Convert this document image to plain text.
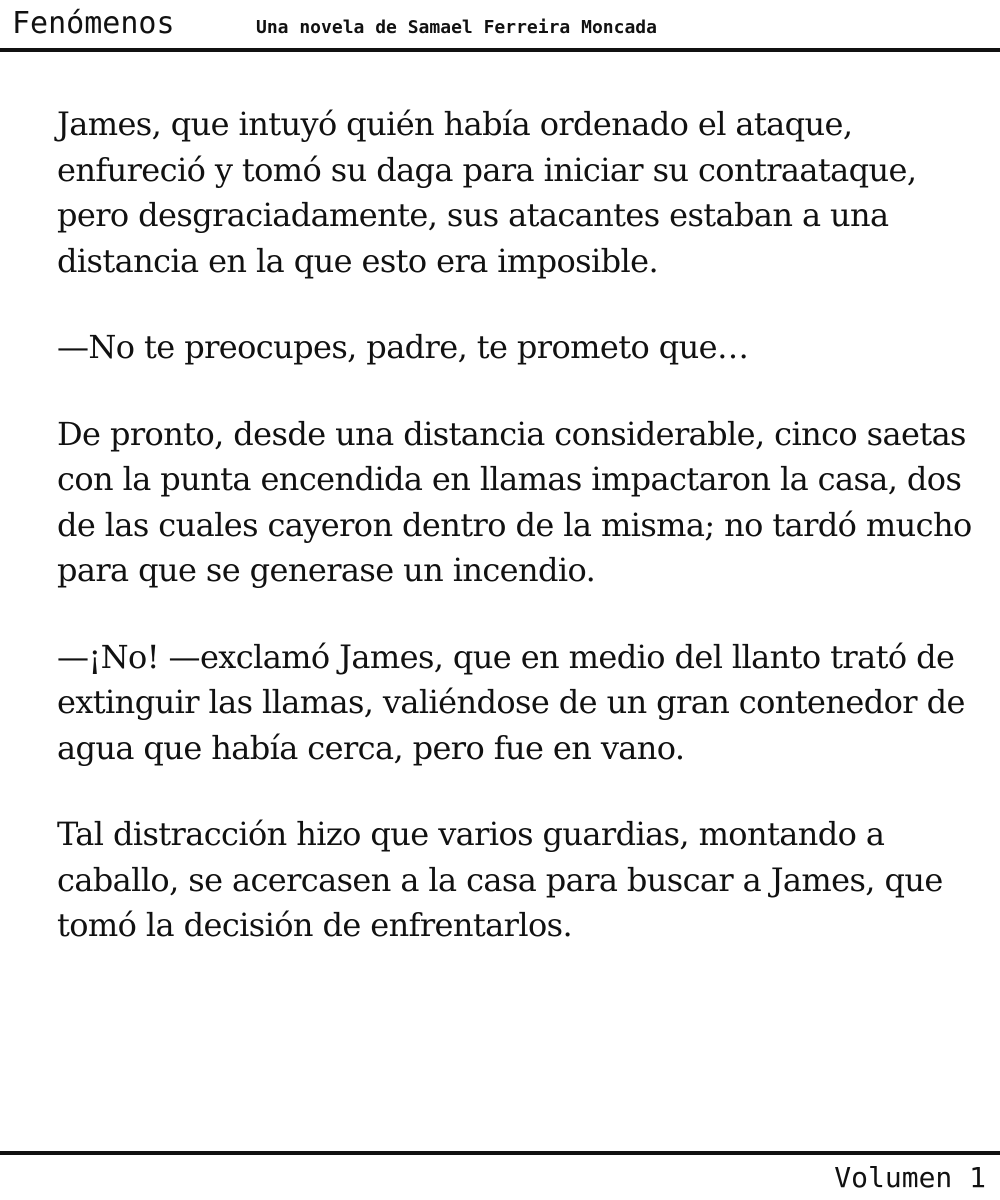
Fenómenos	Una novela de Samael Ferreira Moncada

James, que intuyó quién había ordenado el ataque, enfureció y tomó su daga para iniciar su contraataque, pero desgraciadamente, sus atacantes estaban a una distancia en la que esto era imposible.

—No te preocupes, padre, te prometo que…

De pronto, desde una distancia considerable, cinco saetas con la punta encendida en llamas impactaron la casa, dos de las cuales cayeron dentro de la misma; no tardó mucho para que se generase un incendio.

—¡No! —exclamó James, que en medio del llanto trató de extinguir las llamas, valiéndose de un gran contenedor de agua que había cerca, pero fue en vano.

Tal distracción hizo que varios guardias, montando a caballo, se acercasen a la casa para buscar a James, que tomó la decisión de enfrentarlos.

Volumen 1
